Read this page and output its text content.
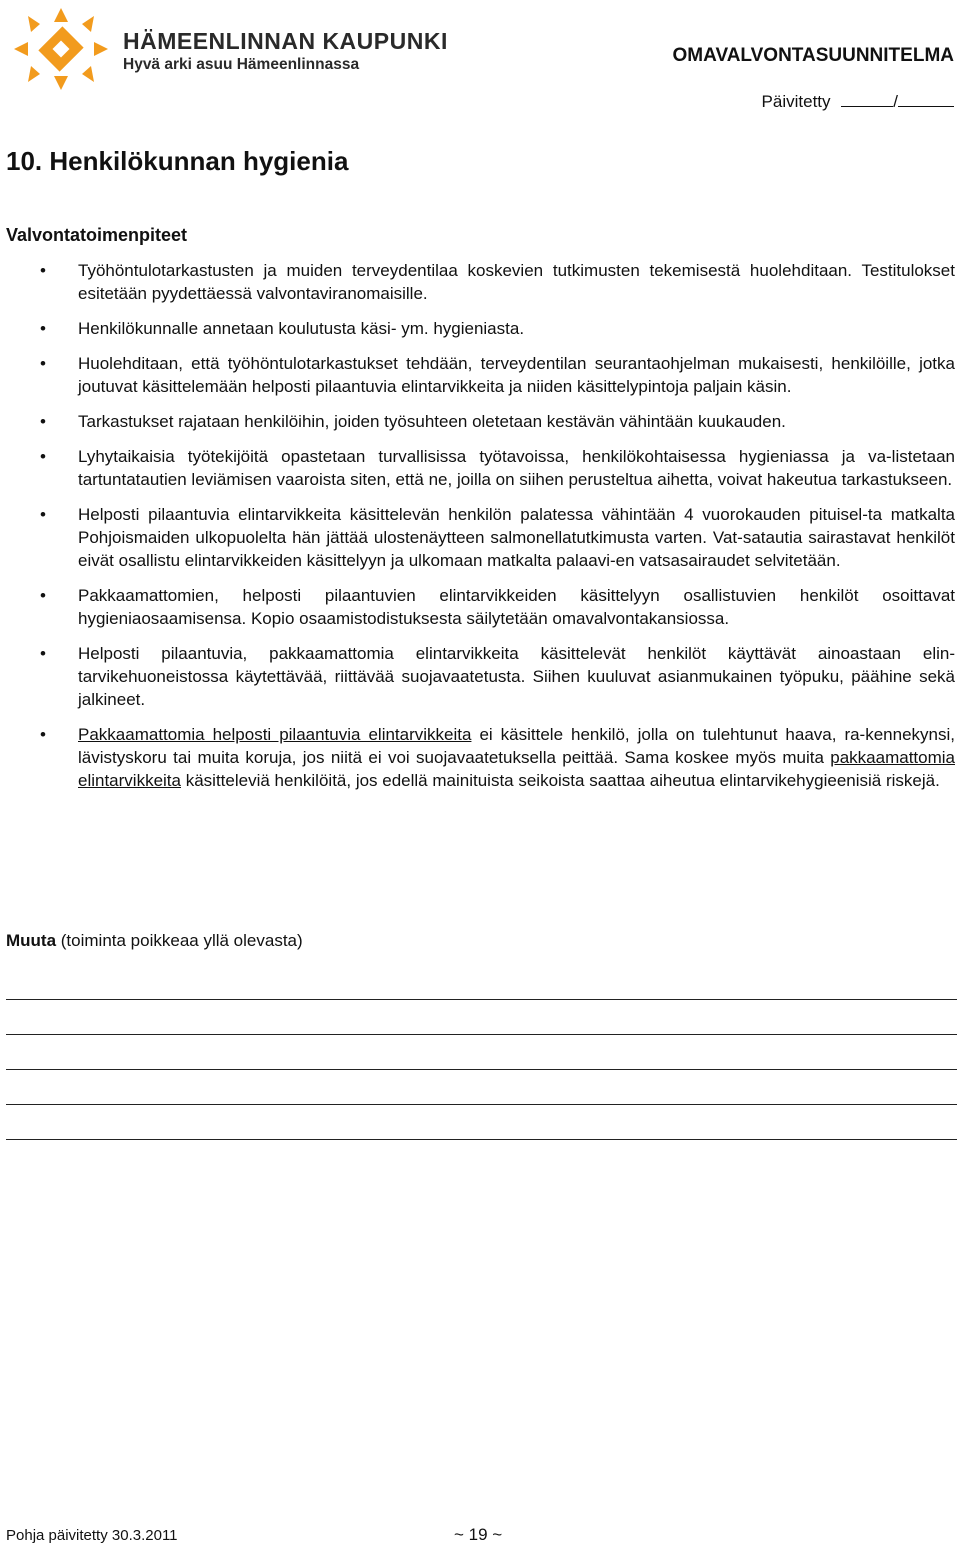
HÄMEENLINNAN KAUPUNKI
Hyvä arki asuu Hämeenlinnassa	OMAVALVONTASUUNNITELMA
Päivitetty	/
10. Henkilökunnan hygienia
Valvontatoimenpiteet
• Työhöntulotarkastusten ja muiden terveydentilaa koskevien tutkimusten tekemisestä huolehditaan. Testitulokset esitetään pyydettäessä valvontaviranomaisille.
• Henkilökunnalle annetaan koulutusta käsi- ym. hygieniasta.
• Huolehditaan, että työhöntulotarkastukset tehdään, terveydentilan seurantaohjelman mukaisesti, henkilöille, jotka joutuvat käsittelemään helposti pilaantuvia elintarvikkeita ja niiden käsittelypintoja paljain käsin.
• Tarkastukset rajataan henkilöihin, joiden työsuhteen oletetaan kestävän vähintään kuukauden.
• Lyhytaikaisia työtekijöitä opastetaan turvallisissa työtavoissa, henkilökohtaisessa hygieniassa ja va-listetaan tartuntatautien leviämisen vaaroista siten, että ne, joilla on siihen perusteltua aihetta, voivat hakeutua tarkastukseen.
• Helposti pilaantuvia elintarvikkeita käsittelevän henkilön palatessa vähintään 4 vuorokauden pituisel-ta matkalta Pohjoismaiden ulkopuolelta hän jättää ulostenäytteen salmonellatutkimusta varten. Vat-satautia sairastavat henkilöt eivät osallistu elintarvikkeiden käsittelyyn ja ulkomaan matkalta palaavi-en vatsasairaudet selvitetään.
• Pakkaamattomien, helposti pilaantuvien elintarvikkeiden käsittelyyn osallistuvien henkilöt osoittavat hygieniaosaamisensa. Kopio osaamistodistuksesta säilytetään omavalvontakansiossa.
• Helposti pilaantuvia, pakkaamattomia elintarvikkeita käsittelevät henkilöt käyttävät ainoastaan elin-tarvikehuoneistossa käytettävää, riittävää suojavaatetusta. Siihen kuuluvat asianmukainen työpuku, päähine sekä jalkineet.
• Pakkaamattomia helposti pilaantuvia elintarvikkeita ei käsittele henkilö, jolla on tulehtunut haava, ra-kennekynsi, lävistyskoru tai muita koruja, jos niitä ei voi suojavaatetuksella peittää. Sama koskee myös muita pakkaamattomia elintarvikkeita käsitteleviä henkilöitä, jos edellä mainituista seikoista saattaa aiheutua elintarvikehygieenisiä riskejä.
Muuta (toiminta poikkeaa yllä olevasta)
Pohja päivitetty 30.3.2011	~ 19 ~
